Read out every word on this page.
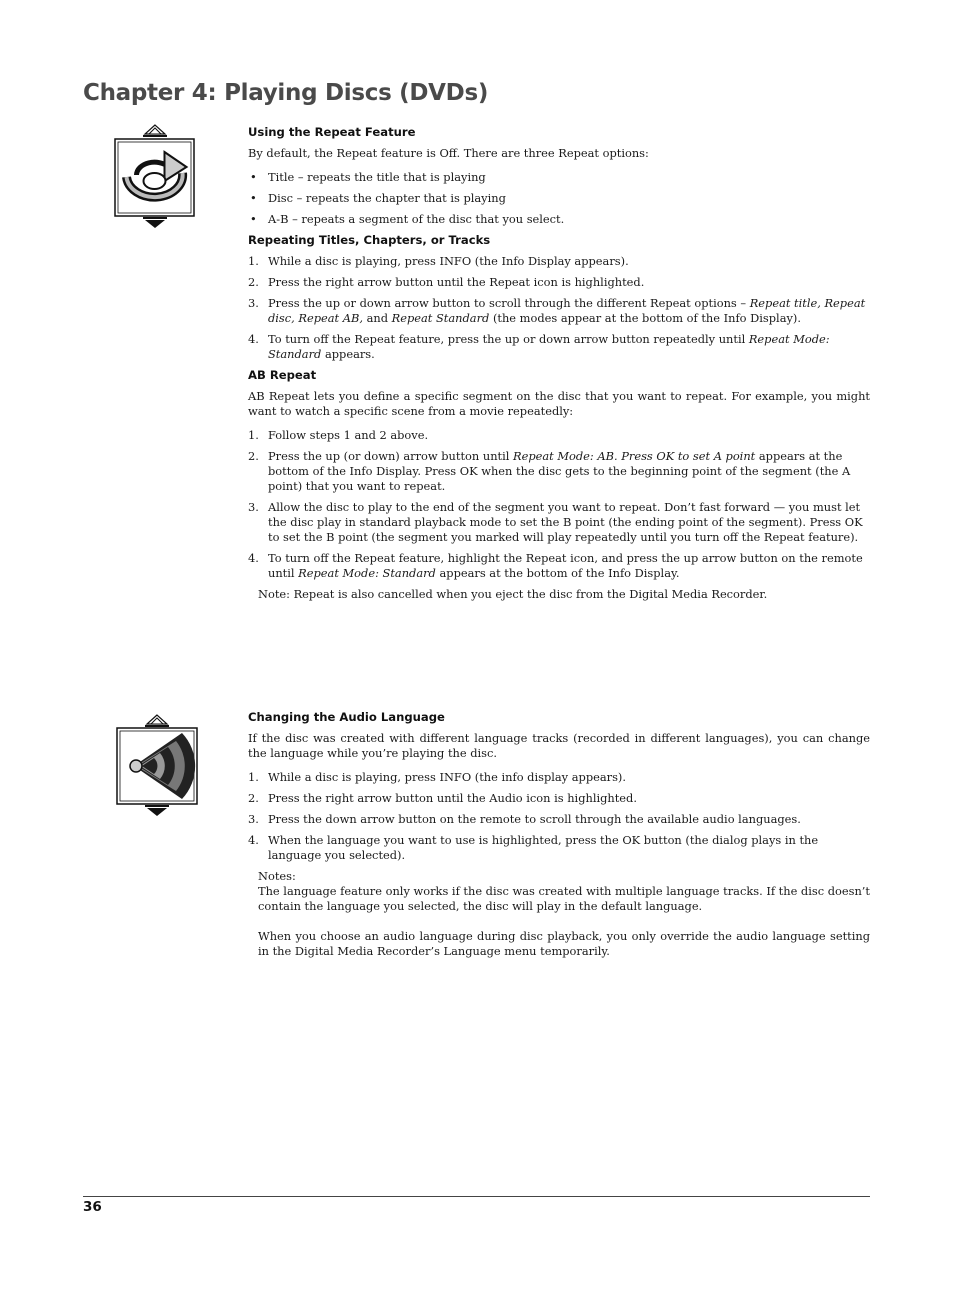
Chapter 4: Playing Discs (DVDs)
Using the Repeat Feature

By default, the Repeat feature is Off. There are three Repeat options:

• Title – repeats the title that is playing
• Disc – repeats the chapter that is playing
• A-B – repeats a segment of the disc that you select.
Repeating Titles, Chapters, or Tracks
1. While a disc is playing, press INFO (the Info Display appears).
2. Press the right arrow button until the Repeat icon is highlighted.
3. Press the up or down arrow button to scroll through the different Repeat options – Repeat title, Repeat disc, Repeat AB, and Repeat Standard (the modes appear at the bottom of the Info Display).
4. To turn off the Repeat feature, press the up or down arrow button repeatedly until Repeat Mode: Standard appears.
AB Repeat

AB Repeat lets you define a specific segment on the disc that you want to repeat. For example, you might want to watch a specific scene from a movie repeatedly:

1. Follow steps 1 and 2 above.
2. Press the up (or down) arrow button until Repeat Mode: AB. Press OK to set A point appears at the bottom of the Info Display. Press OK when the disc gets to the beginning point of the segment (the A point) that you want to repeat.
3. Allow the disc to play to the end of the segment you want to repeat. Don’t fast forward — you must let the disc play in standard playback mode to set the B point (the ending point of the segment). Press OK to set the B point (the segment you marked will play repeatedly until you turn off the Repeat feature).
4. To turn off the Repeat feature, highlight the Repeat icon, and press the up arrow button on the remote until Repeat Mode: Standard appears at the bottom of the Info Display.
Note: Repeat is also cancelled when you eject the disc from the Digital Media Recorder.
Changing the Audio Language

If the disc was created with different language tracks (recorded in different languages), you can change the language while you’re playing the disc.

1. While a disc is playing, press INFO (the info display appears).
2. Press the right arrow button until the Audio icon is highlighted.
3. Press the down arrow button on the remote to scroll through the available audio languages.
4. When the language you want to use is highlighted, press the OK button (the dialog plays in the language you selected).
Notes:

The language feature only works if the disc was created with multiple language tracks. If the disc doesn’t contain the language you selected, the disc will play in the default language.

When you choose an audio language during disc playback, you only override the audio language setting in the Digital Media Recorder’s Language menu temporarily.

36
